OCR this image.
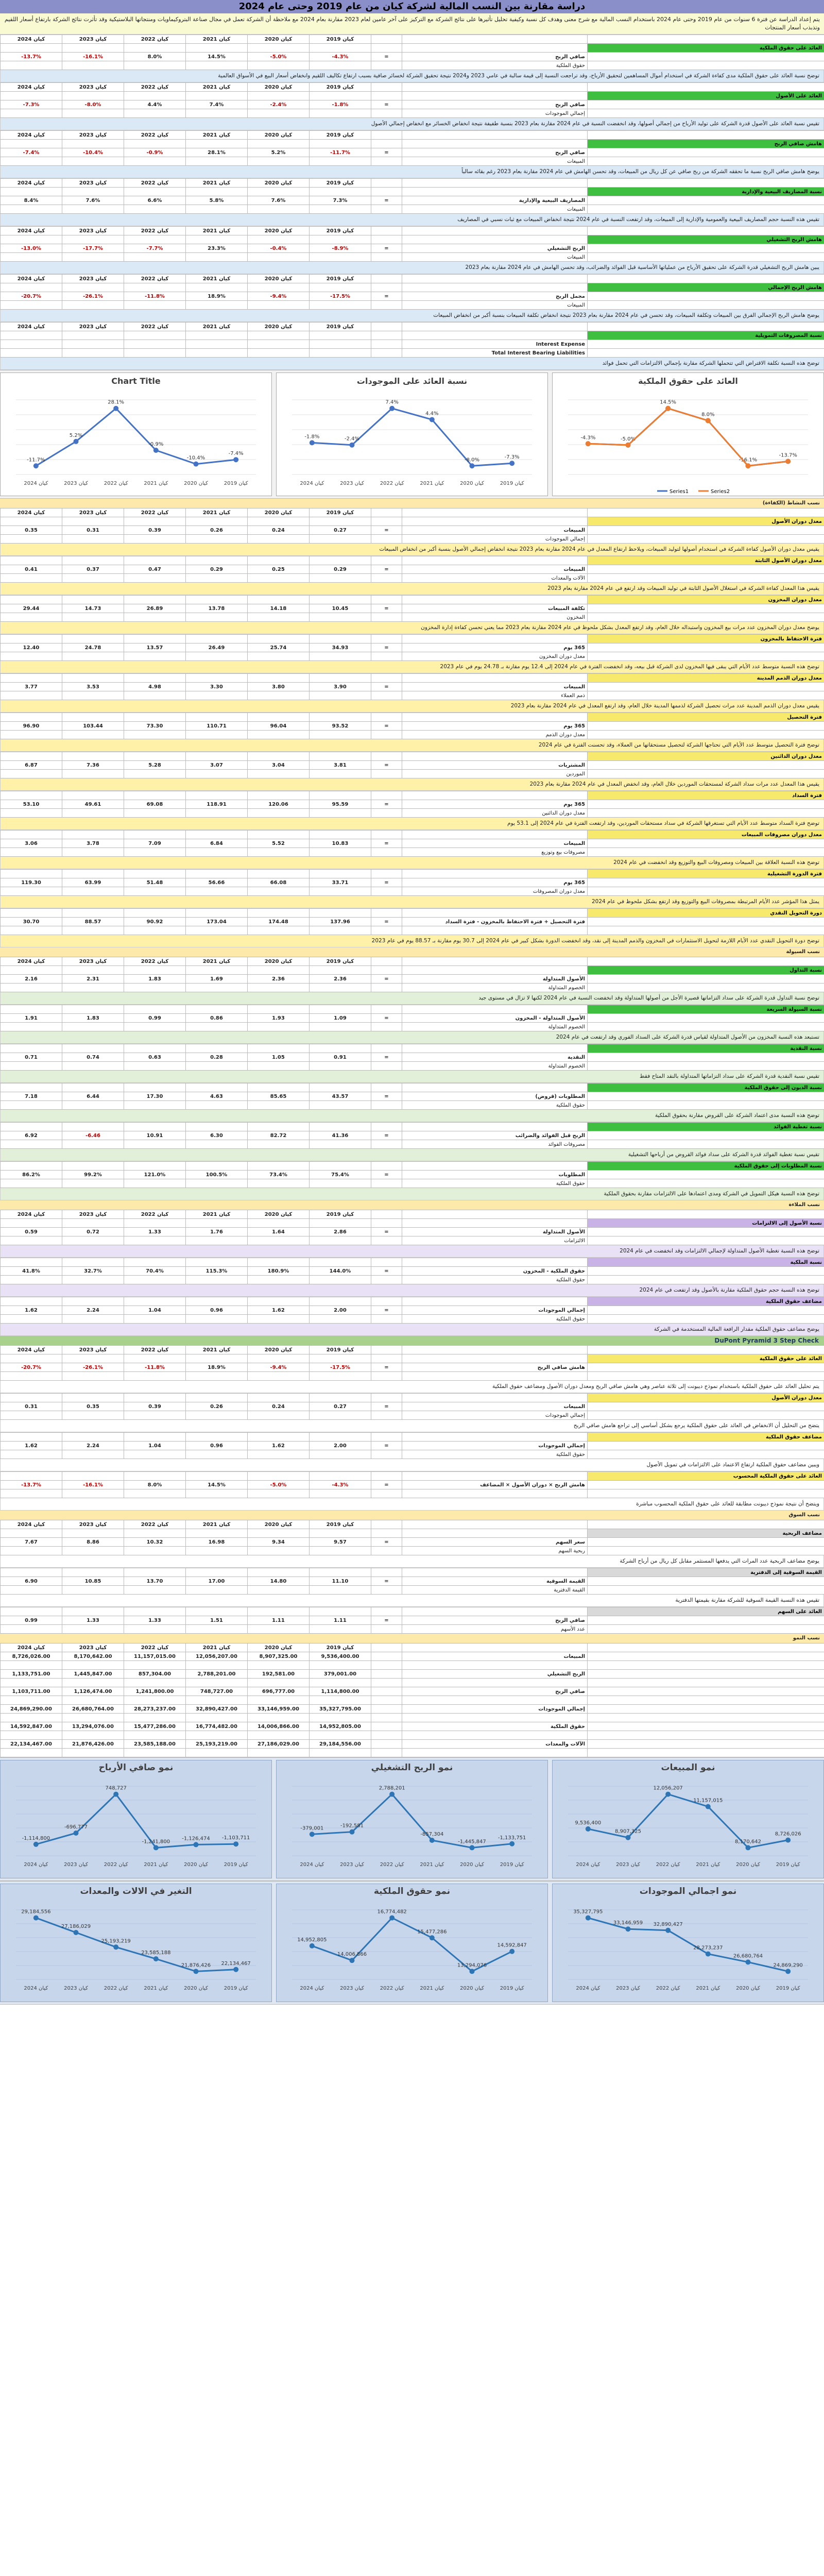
دراسة مقارنة بين النسب المالية لشركة كيان من عام 2019 وحتى عام 2024
يتم إعداد الدراسة عن فترة 6 سنوات من عام 2019 وحتى عام 2024 باستخدام النسب المالية مع شرح معنى وهدف كل نسبة وكيفية تحليل تأثيرها على نتائج الشركة مع التركيز على آخر عامين لعام 2023 مقارنة بعام 2024 مع ملاحظة أن الشركة تعمل في مجال صناعة البتروكيماويات ومنتجاتها البلاستيكية وقد تأثرت نتائج الشركة بارتفاع أسعار اللقيم وتذبذب أسعار المنتجات
2024 كيان	2023 كيان	2022 كيان	2021 كيان	2020 كيان	2019 كيان			
								العائد على حقوق الملكية
-13.7%	-16.1%	8.0%	14.5%	-5.0%	-4.3%	=	صافي الربح	
							حقوق الملكية	
توضح نسبة العائد على حقوق الملكية مدى كفاءة الشركة في استخدام أموال المساهمين لتحقيق الأرباح، وقد تراجعت النسبة إلى قيمة سالبة في عامي 2023 و2024 نتيجة تحقيق الشركة لخسائر صافية بسبب ارتفاع تكاليف اللقيم وانخفاض أسعار البيع في الأسواق العالمية
2024 كيان	2023 كيان	2022 كيان	2021 كيان	2020 كيان	2019 كيان			
								العائد على الأصول
-7.3%	-8.0%	4.4%	7.4%	-2.4%	-1.8%	=	صافي الربح	
							إجمالي الموجودات	
تقيس نسبة العائد على الأصول قدرة الشركة على توليد الأرباح من إجمالي أصولها، وقد انخفضت النسبة في عام 2024 مقارنة بعام 2023 بنسبة طفيفة نتيجة انخفاض الخسائر مع انخفاض إجمالي الأصول
2024 كيان	2023 كيان	2022 كيان	2021 كيان	2020 كيان	2019 كيان			
								هامش صافي الربح
-7.4%	-10.4%	-0.9%	28.1%	5.2%	-11.7%	=	صافي الربح	
							المبيعات	
يوضح هامش صافي الربح نسبة ما تحققه الشركة من ربح صافي عن كل ريال من المبيعات، وقد تحسن الهامش في عام 2024 مقارنة بعام 2023 رغم بقائه سالباً
2024 كيان	2023 كيان	2022 كيان	2021 كيان	2020 كيان	2019 كيان			
								نسبة المصاريف البيعية والإدارية
8.4%	7.6%	6.6%	5.8%	7.6%	7.3%	=	المصاريف البيعية والإدارية	
							المبيعات	
تقيس هذه النسبة حجم المصاريف البيعية والعمومية والإدارية إلى المبيعات، وقد ارتفعت النسبة في عام 2024 نتيجة انخفاض المبيعات مع ثبات نسبي في المصاريف
2024 كيان	2023 كيان	2022 كيان	2021 كيان	2020 كيان	2019 كيان			
								هامش الربح التشغيلي
-13.0%	-17.7%	-7.7%	23.3%	-0.4%	-8.9%	=	الربح التشغيلي	
							المبيعات	
يبين هامش الربح التشغيلي قدرة الشركة على تحقيق الأرباح من عملياتها الأساسية قبل الفوائد والضرائب، وقد تحسن الهامش في عام 2024 مقارنة بعام 2023
2024 كيان	2023 كيان	2022 كيان	2021 كيان	2020 كيان	2019 كيان			
								هامش الربح الإجمالي
-20.7%	-26.1%	-11.8%	18.9%	-9.4%	-17.5%	=	مجمل الربح	
							المبيعات	
يوضح هامش الربح الإجمالي الفرق بين المبيعات وتكلفة المبيعات، وقد تحسن في عام 2024 مقارنة بعام 2023 نتيجة انخفاض تكلفة المبيعات بنسبة أكبر من انخفاض المبيعات
2024 كيان	2023 كيان	2022 كيان	2021 كيان	2020 كيان	2019 كيان			
								نسبة المصروفات التمويلية
							Interest Expense	
							Total Interest Bearing Liabilities	
توضح هذه النسبة تكلفة الاقتراض التي تتحملها الشركة مقارنة بإجمالي الالتزامات التي تحمل فوائد
Chart Title
-11.7%
5.2%
28.1%
-0.9%
-10.4%
-7.4%
كيان 2019
كيان 2020
كيان 2021
كيان 2022
كيان 2023
كيان 2024
نسبة العائد على الموجودات
-1.8%	-2.4%
7.4%
4.4%
-8.0%	-7.3%
كيان 2019
كيان 2020
كيان 2021
كيان 2022
كيان 2023
كيان 2024
العائد على حقوق الملكية
-4.3%	-5.0%
14.5%
8.0%
-16.1%
-13.7%
Series1	Series2
نسب النشاط (الكفاءة)
2024 كيان	2023 كيان	2022 كيان	2021 كيان	2020 كيان	2019 كيان			
								معدل دوران الأصول
0.35	0.31	0.39	0.26	0.24	0.27	=	المبيعات	
							إجمالي الموجودات	
يقيس معدل دوران الأصول كفاءة الشركة في استخدام أصولها لتوليد المبيعات، ويلاحظ ارتفاع المعدل في عام 2024 مقارنة بعام 2023 نتيجة انخفاض إجمالي الأصول بنسبة أكبر من انخفاض المبيعات
								معدل دوران الأصول الثابتة
0.41	0.37	0.47	0.29	0.25	0.29	=	المبيعات	
							الآلات والمعدات	
يقيس هذا المعدل كفاءة الشركة في استغلال الأصول الثابتة في توليد المبيعات وقد ارتفع في عام 2024 مقارنة بعام 2023
								معدل دوران المخزون
29.44	14.73	26.89	13.78	14.18	10.45	=	تكلفة المبيعات	
							المخزون	
يوضح معدل دوران المخزون عدد مرات بيع المخزون واستبداله خلال العام، وقد ارتفع المعدل بشكل ملحوظ في عام 2024 مقارنة بعام 2023 مما يعني تحسن كفاءة إدارة المخزون
								فترة الاحتفاظ بالمخزون
12.40	24.78	13.57	26.49	25.74	34.93	=	365 يوم	
							معدل دوران المخزون	
توضح هذه النسبة متوسط عدد الأيام التي يبقى فيها المخزون لدى الشركة قبل بيعه، وقد انخفضت الفترة في عام 2024 إلى 12.4 يوم مقارنة بـ 24.78 يوم في عام 2023
								معدل دوران الذمم المدينة
3.77	3.53	4.98	3.30	3.80	3.90	=	المبيعات	
							ذمم العملاء	
يقيس معدل دوران الذمم المدينة عدد مرات تحصيل الشركة لذممها المدينة خلال العام، وقد ارتفع المعدل في عام 2024 مقارنة بعام 2023
								فترة التحصيل
96.90	103.44	73.30	110.71	96.04	93.52	=	365 يوم	
							معدل دوران الذمم	
توضح فترة التحصيل متوسط عدد الأيام التي تحتاجها الشركة لتحصيل مستحقاتها من العملاء، وقد تحسنت الفترة في عام 2024
								معدل دوران الدائنين
6.87	7.36	5.28	3.07	3.04	3.81	=	المشتريات	
							الموردين	
يقيس هذا المعدل عدد مرات سداد الشركة لمستحقات الموردين خلال العام، وقد انخفض المعدل في عام 2024 مقارنة بعام 2023
								فترة السداد
53.10	49.61	69.08	118.91	120.06	95.59	=	365 يوم	
							معدل دوران الدائنين	
توضح فترة السداد متوسط عدد الأيام التي تستغرقها الشركة في سداد مستحقات الموردين، وقد ارتفعت الفترة في عام 2024 إلى 53.1 يوم
								معدل دوران مصروفات المبيعات
3.06	3.78	7.09	6.84	5.52	10.83	=	المبيعات	
							مصروفات بيع وتوزيع	
توضح هذه النسبة العلاقة بين المبيعات ومصروفات البيع والتوزيع وقد انخفضت في عام 2024
								فترة الدورة التشغيلية
119.30	63.99	51.48	56.66	66.08	33.71	=	365 يوم	
							معدل دوران المصروفات	
يمثل هذا المؤشر عدد الأيام المرتبطة بمصروفات البيع والتوزيع وقد ارتفع بشكل ملحوظ في عام 2024
								دورة التحويل النقدي
30.70	88.57	90.92	173.04	174.48	137.96	=	فترة التحصيل + فترة الاحتفاظ بالمخزون - فترة السداد	

توضح دورة التحويل النقدي عدد الأيام اللازمة لتحويل الاستثمارات في المخزون والذمم المدينة إلى نقد، وقد انخفضت الدورة بشكل كبير في عام 2024 إلى 30.7 يوم مقارنة بـ 88.57 يوم في عام 2023
نسب السيولة
2024 كيان	2023 كيان	2022 كيان	2021 كيان	2020 كيان	2019 كيان			
								نسبة التداول
2.16	2.31	1.83	1.69	2.36	2.36	=	الأصول المتداولة	
							الخصوم المتداولة	
توضح نسبة التداول قدرة الشركة على سداد التزاماتها قصيرة الأجل من أصولها المتداولة وقد انخفضت النسبة في عام 2024 لكنها لا تزال في مستوى جيد
								نسبة السيولة السريعة
1.91	1.83	0.99	0.86	1.93	1.09	=	الأصول المتداولة - المخزون	
							الخصوم المتداولة	
تستبعد هذه النسبة المخزون من الأصول المتداولة لقياس قدرة الشركة على السداد الفوري وقد ارتفعت في عام 2024
								نسبة النقدية
0.71	0.74	0.63	0.28	1.05	0.91	=	النقدية	
							الخصوم المتداولة	
تقيس نسبة النقدية قدرة الشركة على سداد التزاماتها المتداولة بالنقد المتاح فقط
								نسبة الديون إلى حقوق الملكية
7.18	6.44	17.30	4.63	85.65	43.57	=	المطلوبات (قروض)	
							حقوق الملكية	
توضح هذه النسبة مدى اعتماد الشركة على القروض مقارنة بحقوق الملكية
								نسبة تغطية الفوائد
6.92	-6.46	10.91	6.30	82.72	41.36	=	الربح قبل الفوائد والضرائب	
							مصروفات الفوائد	
تقيس نسبة تغطية الفوائد قدرة الشركة على سداد فوائد القروض من أرباحها التشغيلية
								نسبة المطلوبات إلى حقوق الملكية
86.2%	99.2%	121.0%	100.5%	73.4%	75.4%	=	المطلوبات	
							حقوق الملكية	
توضح هذه النسبة هيكل التمويل في الشركة ومدى اعتمادها على الالتزامات مقارنة بحقوق الملكية
نسب الملاءة
2024 كيان	2023 كيان	2022 كيان	2021 كيان	2020 كيان	2019 كيان			
								نسبة الأصول إلى الالتزامات
0.59	0.72	1.33	1.76	1.64	2.86	=	الأصول المتداولة	
							الالتزامات	
توضح هذه النسبة تغطية الأصول المتداولة لإجمالي الالتزامات وقد انخفضت في عام 2024
								نسبة الملكية
41.8%	32.7%	70.4%	115.3%	180.9%	144.0%	=	حقوق الملكية - المخزون	
							حقوق الملكية	
توضح هذه النسبة حجم حقوق الملكية مقارنة بالأصول وقد ارتفعت في عام 2024
								مضاعف حقوق الملكية
1.62	2.24	1.04	0.96	1.62	2.00	=	إجمالي الموجودات	
							حقوق الملكية	
يوضح مضاعف حقوق الملكية مقدار الرافعة المالية المستخدمة في الشركة
DuPont Pyramid 3 Step Check
2024 كيان	2023 كيان	2022 كيان	2021 كيان	2020 كيان	2019 كيان			
								العائد على حقوق الملكية
-20.7%	-26.1%	-11.8%	18.9%	-9.4%	-17.5%	=	هامش صافي الربح	

يتم تحليل العائد على حقوق الملكية باستخدام نموذج ديبونت إلى ثلاثة عناصر وهي هامش صافي الربح ومعدل دوران الأصول ومضاعف حقوق الملكية
								معدل دوران الأصول
0.31	0.35	0.39	0.26	0.24	0.27	=	المبيعات	
							إجمالي الموجودات	
يتضح من التحليل أن الانخفاض في العائد على حقوق الملكية يرجع بشكل أساسي إلى تراجع هامش صافي الربح
								مضاعف حقوق الملكية
1.62	2.24	1.04	0.96	1.62	2.00	=	إجمالي الموجودات	
							حقوق الملكية	
ويبين مضاعف حقوق الملكية ارتفاع الاعتماد على الالتزامات في تمويل الأصول
								العائد على حقوق الملكية المحسوب
-13.7%	-16.1%	8.0%	14.5%	-5.0%	-4.3%	=	هامش الربح × دوران الأصول × المضاعف	

ويتضح أن نتيجة نموذج ديبونت مطابقة للعائد على حقوق الملكية المحسوب مباشرة
نسب السوق
2024 كيان	2023 كيان	2022 كيان	2021 كيان	2020 كيان	2019 كيان			
								مضاعف الربحية
7.67	8.86	10.32	16.98	9.34	9.57	=	سعر السهم	
							ربحية السهم	
يوضح مضاعف الربحية عدد المرات التي يدفعها المستثمر مقابل كل ريال من أرباح الشركة
								القيمة السوقية إلى الدفترية
6.90	10.85	13.70	17.00	14.80	11.10	=	القيمة السوقية	
							القيمة الدفترية	
تقيس هذه النسبة القيمة السوقية للشركة مقارنة بقيمتها الدفترية
								العائد على السهم
0.99	1.33	1.33	1.51	1.11	1.11	=	صافي الربح	
							عدد الأسهم	
نسب النمو
2024 كيان	2023 كيان	2022 كيان	2021 كيان	2020 كيان	2019 كيان			
8,726,026.00	8,170,642.00	11,157,015.00	12,056,207.00	8,907,325.00	9,536,400.00		المبيعات	

1,133,751.00	1,445,847.00	857,304.00	2,788,201.00	192,581.00	379,001.00		الربح التشغيلي	

1,103,711.00	1,126,474.00	1,241,800.00	748,727.00	696,777.00	1,114,800.00		صافي الربح	

24,869,290.00	26,680,764.00	28,273,237.00	32,890,427.00	33,146,959.00	35,327,795.00		إجمالي الموجودات	

14,592,847.00	13,294,076.00	15,477,286.00	16,774,482.00	14,006,866.00	14,952,805.00		حقوق الملكية	

22,134,467.00	21,876,426.00	23,585,188.00	25,193,219.00	27,186,029.00	29,184,556.00		الآلات والمعدات	

نمو صافي الأرباح
-1,114,800
-696,777
748,727
-1,241,800
-1,126,474 -1,103,711
كيان 2019
كيان 2020
كيان 2021
كيان 2022
كيان 2023
كيان 2024
نمو الربح التشغيلي
-379,001	-192,581
2,788,201
-857,304
-1,445,847
-1,133,751
كيان 2019
كيان 2020
كيان 2021
كيان 2022
كيان 2023
كيان 2024
نمو المبيعات
9,536,400
8,907,325
12,056,207
11,157,015
8,170,642
8,726,026
كيان 2019
كيان 2020
كيان 2021
كيان 2022
كيان 2023
كيان 2024
التغير في الالات والمعدات
29,184,556
27,186,029
25,193,219
23,585,188
21,876,426 22,134,467
كيان 2019
كيان 2020
كيان 2021
كيان 2022
كيان 2023
كيان 2024
نمو حقوق الملكية
14,952,805
14,006,866
16,774,482
15,477,286
13,294,076
14,592,847
كيان 2019
كيان 2020
كيان 2021
كيان 2022
كيان 2023
كيان 2024
نمو اجمالي الموجودات
35,327,795
33,146,959 32,890,427
28,273,237
26,680,764
24,869,290
كيان 2019
كيان 2020
كيان 2021
كيان 2022
كيان 2023
كيان 2024
